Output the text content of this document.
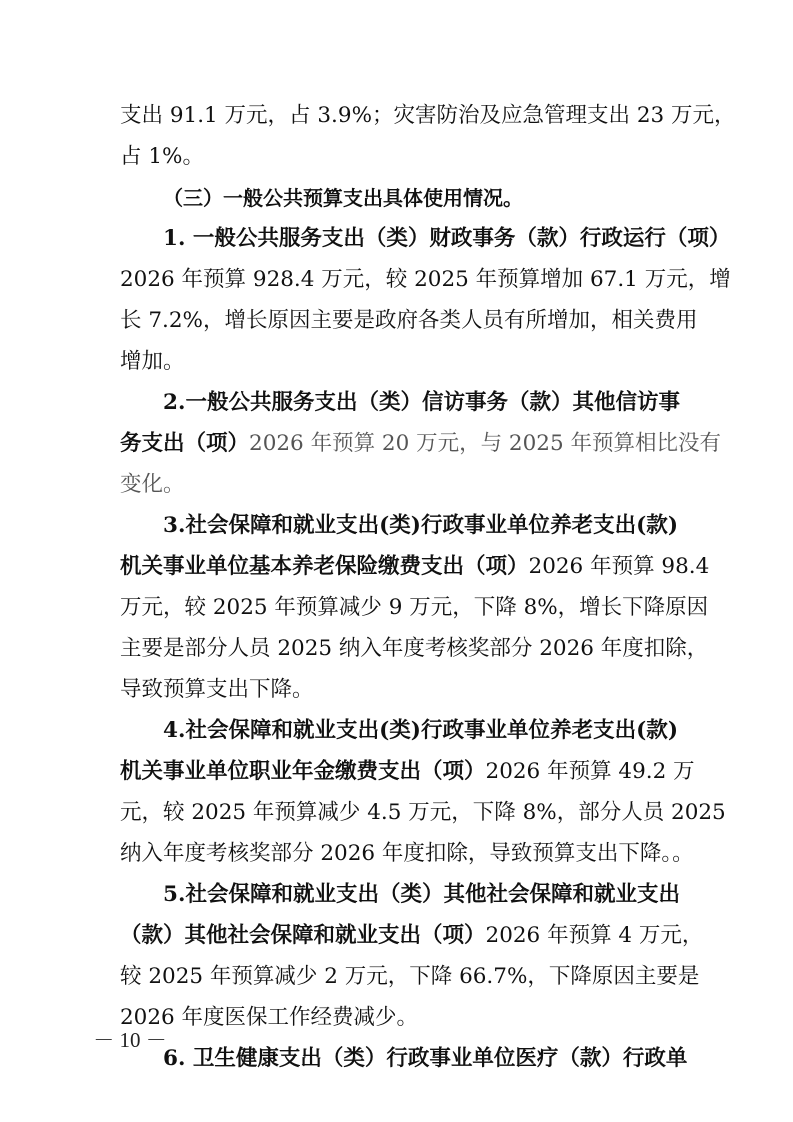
支出 91.1 万元，占 3.9%；灾害防治及应急管理支出 23 万元，
占 1%。
（三）一般公共预算支出具体使用情况。
1. 一般公共服务支出（类）财政事务（款）行政运行（项）
2026 年预算 928.4 万元，较 2025 年预算增加 67.1 万元，增
长 7.2%，增长原因主要是政府各类人员有所增加，相关费用
增加。
2.一般公共服务支出（类）信访事务（款）其他信访事
务支出（项）2026 年预算 20 万元，与 2025 年预算相比没有
变化。
3.社会保障和就业支出(类)行政事业单位养老支出(款)
机关事业单位基本养老保险缴费支出（项）2026 年预算 98.4
万元，较 2025 年预算减少 9 万元，下降 8%，增长下降原因
主要是部分人员 2025 纳入年度考核奖部分 2026 年度扣除，
导致预算支出下降。
4.社会保障和就业支出(类)行政事业单位养老支出(款)
机关事业单位职业年金缴费支出（项）2026 年预算 49.2 万
元，较 2025 年预算减少 4.5 万元，下降 8%，部分人员 2025
纳入年度考核奖部分 2026 年度扣除，导致预算支出下降。。
5.社会保障和就业支出（类）其他社会保障和就业支出
（款）其他社会保障和就业支出（项）2026 年预算 4 万元，
较 2025 年预算减少 2 万元，下降 66.7%，下降原因主要是
2026 年度医保工作经费减少。
6. 卫生健康支出（类）行政事业单位医疗（款）行政单
－ 10 －
